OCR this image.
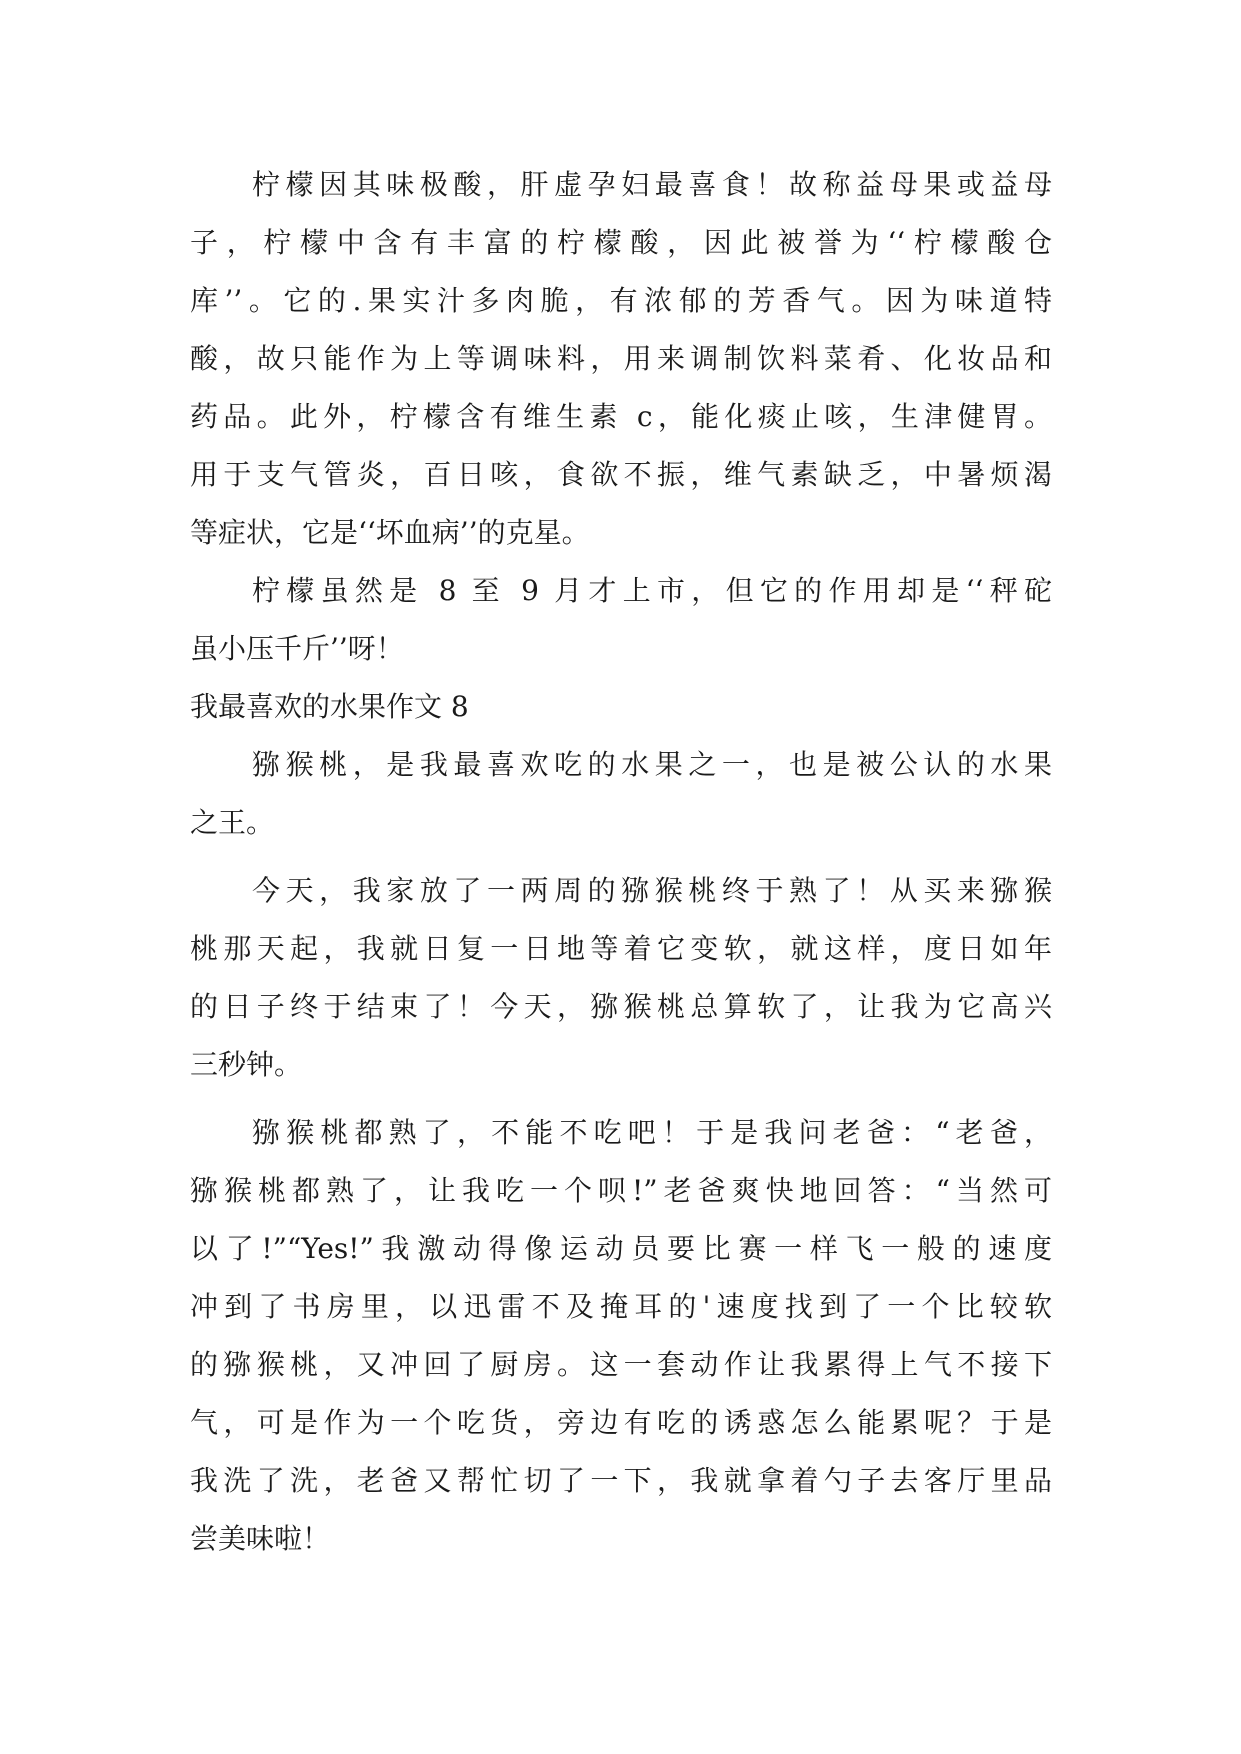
柠檬因其味极酸，肝虚孕妇最喜食！故称益母果或益母
子，柠檬中含有丰富的柠檬酸，因此被誉为‘‘柠檬酸仓
库’’。它的.果实汁多肉脆，有浓郁的芳香气。因为味道特
酸，故只能作为上等调味料，用来调制饮料菜肴、化妆品和
药品。此外，柠檬含有维生素 c，能化痰止咳，生津健胃。
用于支气管炎，百日咳，食欲不振，维气素缺乏，中暑烦渴
等症状，它是‘‘坏血病’’的克星。
柠檬虽然是 8 至 9 月才上市，但它的作用却是‘‘秤砣
虽小压千斤’’呀！
我最喜欢的水果作文 8
猕猴桃，是我最喜欢吃的水果之一，也是被公认的水果
之王。
今天，我家放了一两周的猕猴桃终于熟了！从买来猕猴
桃那天起，我就日复一日地等着它变软，就这样，度日如年
的日子终于结束了！今天，猕猴桃总算软了，让我为它高兴
三秒钟。
猕猴桃都熟了，不能不吃吧！于是我问老爸：“老爸，
猕猴桃都熟了，让我吃一个呗!”老爸爽快地回答：“当然可
以了!”“Yes!”我激动得像运动员要比赛一样飞一般的速度
冲到了书房里，以迅雷不及掩耳的'速度找到了一个比较软
的猕猴桃，又冲回了厨房。这一套动作让我累得上气不接下
气，可是作为一个吃货，旁边有吃的诱惑怎么能累呢？于是
我洗了洗，老爸又帮忙切了一下，我就拿着勺子去客厅里品
尝美味啦！
